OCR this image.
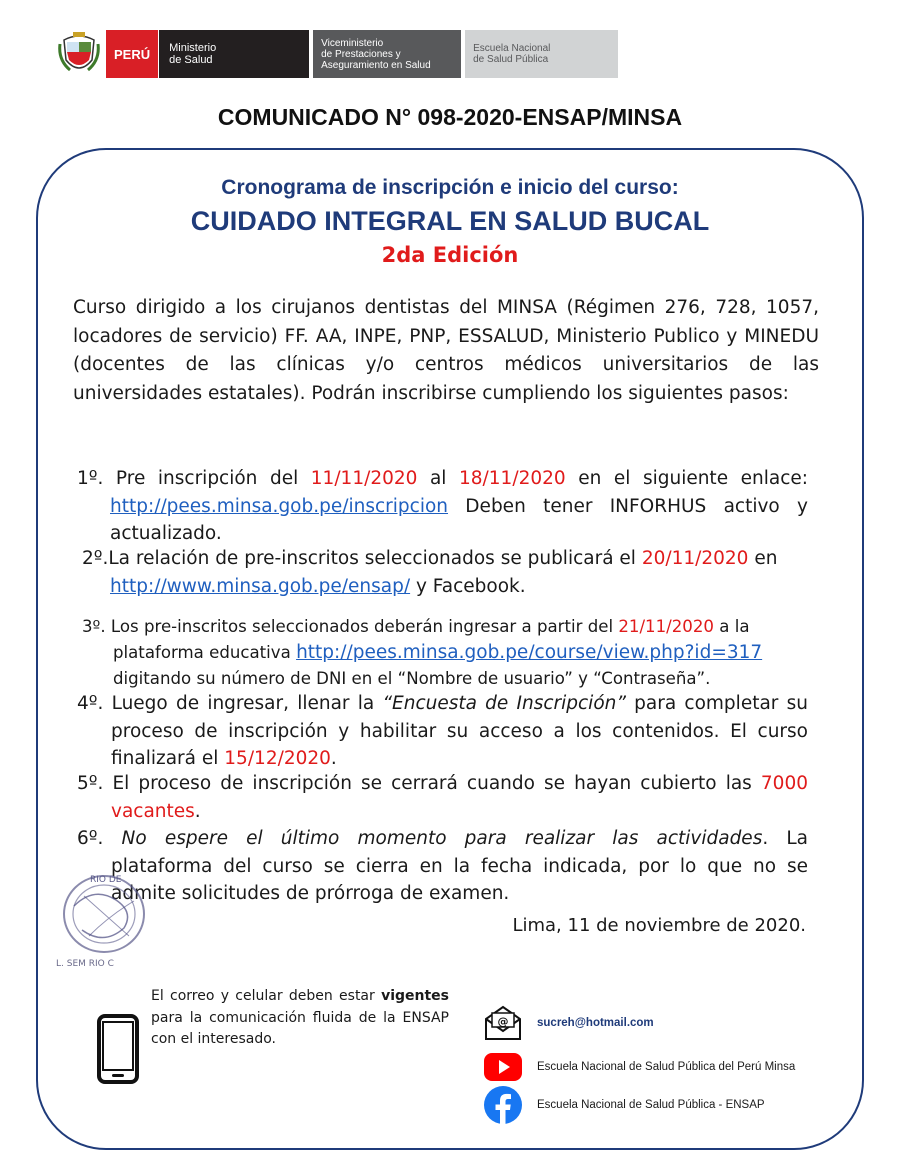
PERÚ	Ministerio
de Salud
Viceministerio
de Prestaciones y
Aseguramiento en Salud
Escuela Nacional
de Salud Pública
COMUNICADO N° 098-2020-ENSAP/MINSA
Cronograma de inscripción e inicio del curso:
CUIDADO INTEGRAL EN SALUD BUCAL
2da Edición
Curso dirigido a los cirujanos dentistas del MINSA (Régimen 276, 728, 1057, locadores de servicio) FF. AA, INPE, PNP, ESSALUD, Ministerio Publico y MINEDU (docentes de las clínicas y/o centros médicos universitarios de las universidades estatales). Podrán inscribirse cumpliendo los siguientes pasos:
1º. Pre inscripción del 11/11/2020 al 18/11/2020 en el siguiente enlace:
http://pees.minsa.gob.pe/inscripcion Deben tener INFORHUS activo y
actualizado.
2º.La relación de pre-inscritos seleccionados se publicará el 20/11/2020 en
http://www.minsa.gob.pe/ensap/ y Facebook.
3º. Los pre-inscritos seleccionados deberán ingresar a partir del 21/11/2020 a la
plataforma educativa http://pees.minsa.gob.pe/course/view.php?id=317
digitando su número de DNI en el “Nombre de usuario” y “Contraseña”.
4º. Luego de ingresar, llenar la “Encuesta de Inscripción” para completar su
proceso de inscripción y habilitar su acceso a los contenidos. El curso
finalizará el 15/12/2020.
5º. El proceso de inscripción se cerrará cuando se hayan cubierto las 7000
vacantes.
6º. No espere el último momento para realizar las actividades. La
plataforma del curso se cierra en la fecha indicada, por lo que no se
admite solicitudes de prórroga de examen.
Lima, 11 de noviembre de 2020.
RIO DE
L. SEM RIO C
El correo y celular deben estar vigentes para la comunicación fluida de la ENSAP con el interesado.
@ sucreh@hotmail.com
Escuela Nacional de Salud Pública del Perú Minsa
Escuela Nacional de Salud Pública - ENSAP
